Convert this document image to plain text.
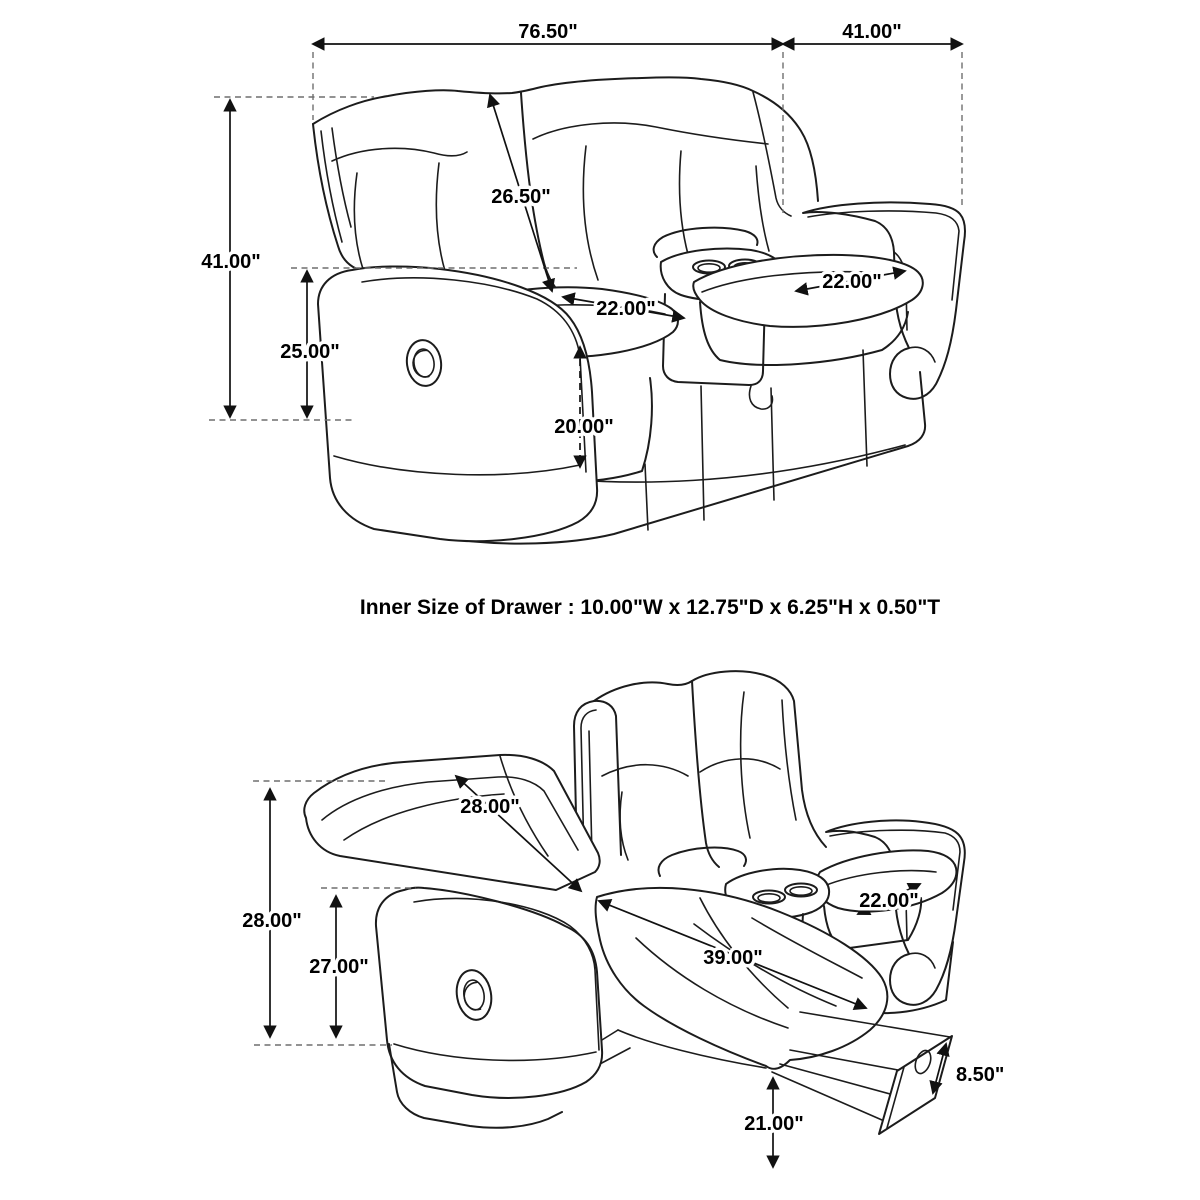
76.50"	41.00"
41.00"
25.00"
26.50"
22.00"
22.00"
20.00"
Inner Size of Drawer : 10.00"W x 12.75"D x 6.25"H x 0.50"T
28.00"
27.00"
28.00"
22.00"
39.00"
8.50"
21.00"
